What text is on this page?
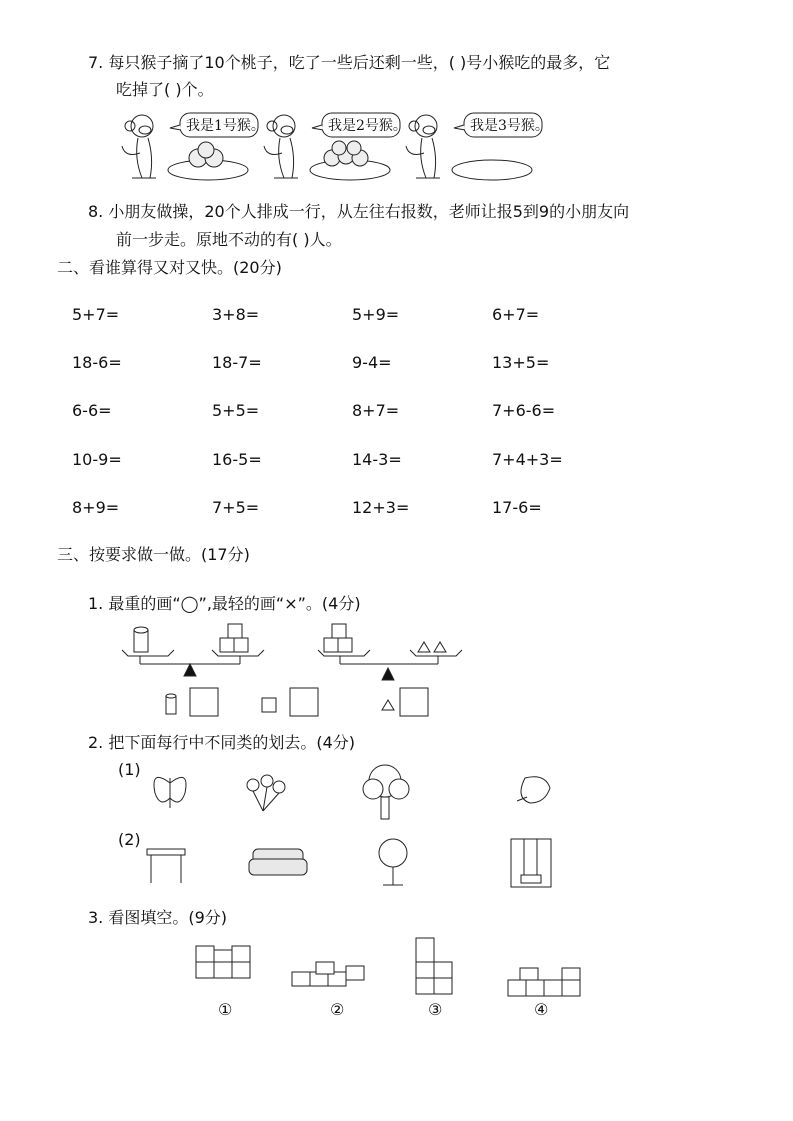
7. 每只猴子摘了10个桃子，吃了一些后还剩一些，( )号小猴吃的最多，它
吃掉了( )个。
我是1号猴。	我是2号猴。	我是3号猴。
8. 小朋友做操，20个人排成一行，从左往右报数，老师让报5到9的小朋友向
前一步走。原地不动的有( )人。
二、看谁算得又对又快。(20分)
5+7=	3+8=	5+9=	6+7=
18-6=	18-7=	9-4=	13+5=
6-6=	5+5=	8+7=	7+6-6=
10-9=	16-5=	14-3=	7+4+3=
8+9=	7+5=	12+3=	17-6=
三、按要求做一做。(17分)
1. 最重的画“◯”,最轻的画“×”。(4分)
2. 把下面每行中不同类的划去。(4分)
(1)
(2)
3. 看图填空。(9分)
①	②	③	④
